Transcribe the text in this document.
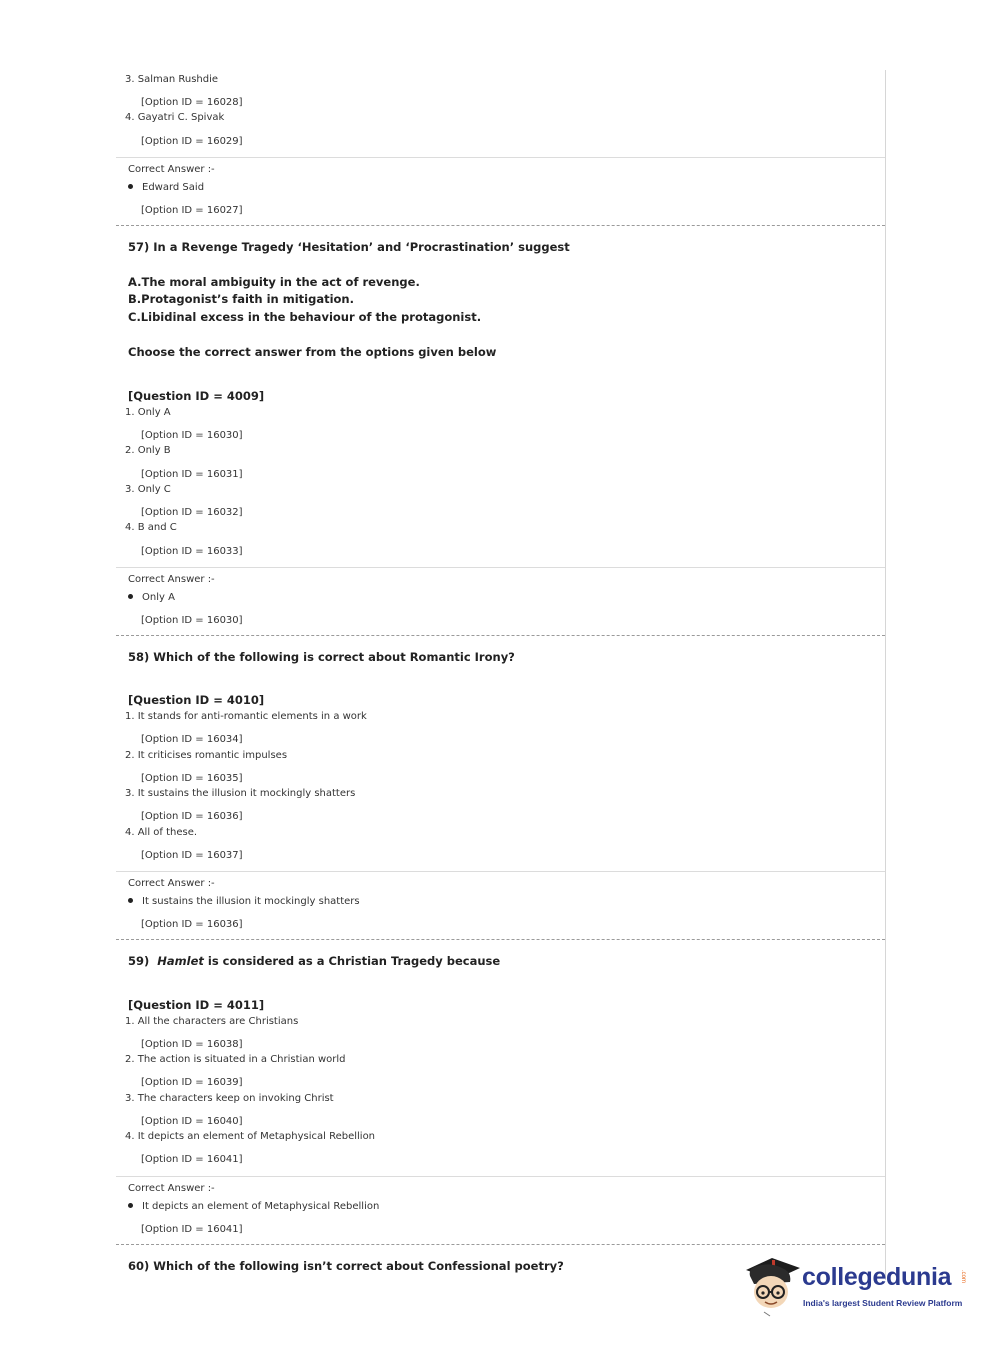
3. Salman Rushdie
[Option ID = 16028]
4. Gayatri C. Spivak
[Option ID = 16029]
Correct Answer :-
Edward Said
[Option ID = 16027]
57) In a Revenge Tragedy ‘Hesitation’ and ‘Procrastination’ suggest
A.The moral ambiguity in the act of revenge.
B.Protagonist’s faith in mitigation.
C.Libidinal excess in the behaviour of the protagonist.
Choose the correct answer from the options given below
[Question ID = 4009]
1. Only A
[Option ID = 16030]
2. Only B
[Option ID = 16031]
3. Only C
[Option ID = 16032]
4. B and C
[Option ID = 16033]
Correct Answer :-
Only A
[Option ID = 16030]
58) Which of the following is correct about Romantic Irony?
[Question ID = 4010]
1. It stands for anti-romantic elements in a work
[Option ID = 16034]
2. It criticises romantic impulses
[Option ID = 16035]
3. It sustains the illusion it mockingly shatters
[Option ID = 16036]
4. All of these.
[Option ID = 16037]
Correct Answer :-
It sustains the illusion it mockingly shatters
[Option ID = 16036]
59) Hamlet is considered as a Christian Tragedy because
[Question ID = 4011]
1. All the characters are Christians
[Option ID = 16038]
2. The action is situated in a Christian world
[Option ID = 16039]
3. The characters keep on invoking Christ
[Option ID = 16040]
4. It depicts an element of Metaphysical Rebellion
[Option ID = 16041]
Correct Answer :-
It depicts an element of Metaphysical Rebellion
[Option ID = 16041]
60) Which of the following isn’t correct about Confessional poetry?	collegedunia .com
India's largest Student Review Platform
